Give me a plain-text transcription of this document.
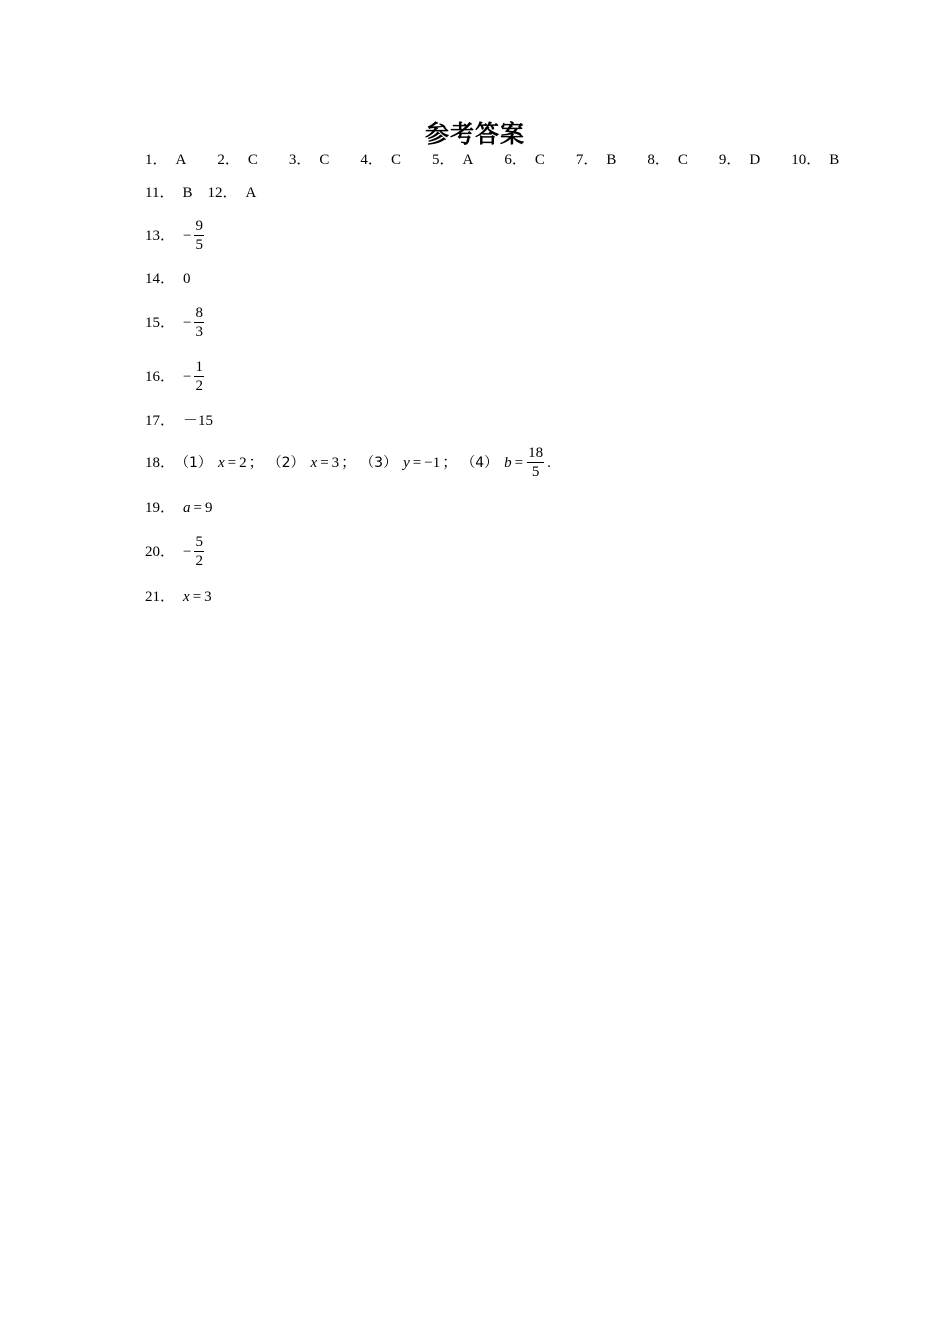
参考答案
1． A 2． C 3． C 4． C 5． A 6． C 7． B 8． C 9． D 10． B
11． B 12． A
13 ． − $\frac{9}{5}$
14 ． 0
15 ． − $\frac{8}{3}$
16 ． − $\frac{1}{2}$
17 ． －15
18 ． （1） x = 2 ； （2） x = 3 ； （3） y = −1 ； （4） $b = \frac{18}{5}$ .
19 ． a = 9
20 ． − $\frac{5}{2}$
21 ． x = 3
